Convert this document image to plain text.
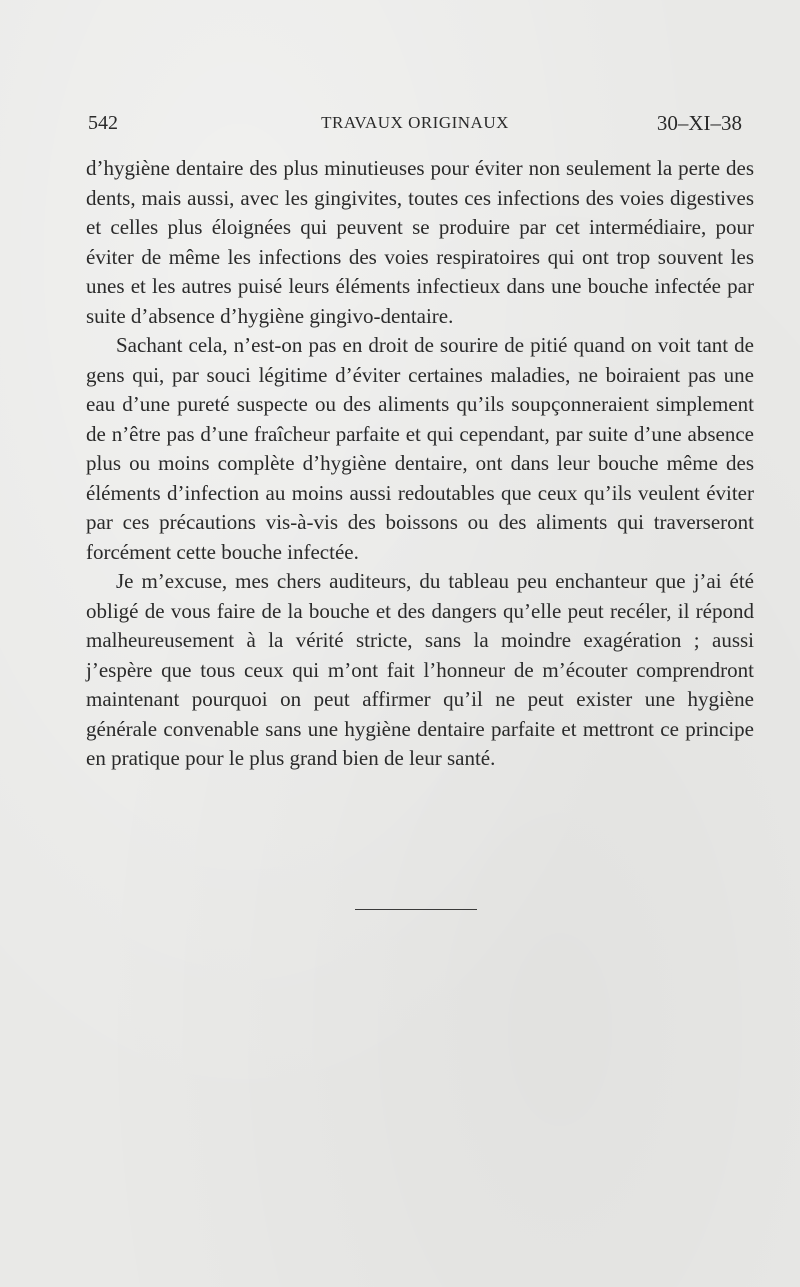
542	TRAVAUX ORIGINAUX	30–XI–38

d’hygiène dentaire des plus minutieuses pour éviter non seulement la perte des dents, mais aussi, avec les gingivites, toutes ces infections des voies digestives et celles plus éloignées qui peuvent se produire par cet intermédiaire, pour éviter de même les infections des voies respiratoires qui ont trop souvent les unes et les autres puisé leurs éléments infectieux dans une bouche infectée par suite d’absence d’hygiène gingivo-dentaire.

Sachant cela, n’est-on pas en droit de sourire de pitié quand on voit tant de gens qui, par souci légitime d’éviter certaines maladies, ne boiraient pas une eau d’une pureté suspecte ou des aliments qu’ils soupçonneraient simplement de n’être pas d’une fraîcheur parfaite et qui cependant, par suite d’une absence plus ou moins complète d’hygiène dentaire, ont dans leur bouche même des éléments d’infection au moins aussi redoutables que ceux qu’ils veulent éviter par ces précautions vis-à-vis des boissons ou des aliments qui traverseront forcément cette bouche infectée.

Je m’excuse, mes chers auditeurs, du tableau peu enchanteur que j’ai été obligé de vous faire de la bouche et des dangers qu’elle peut recéler, il répond malheureusement à la vérité stricte, sans la moindre exagération ; aussi j’espère que tous ceux qui m’ont fait l’honneur de m’écouter comprendront maintenant pourquoi on peut affirmer qu’il ne peut exister une hygiène générale convenable sans une hygiène dentaire parfaite et mettront ce principe en pratique pour le plus grand bien de leur santé.
